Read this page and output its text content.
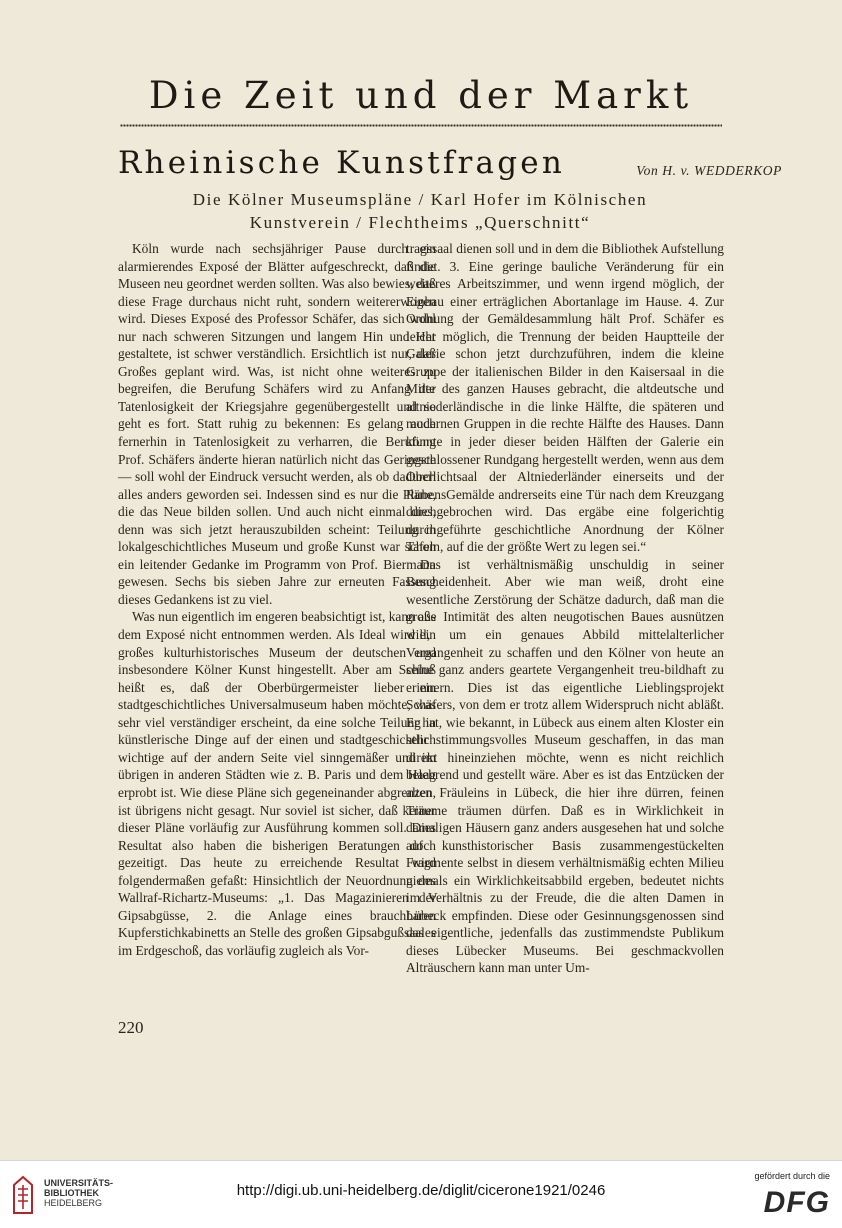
Die Zeit und der Markt
Rheinische Kunstfragen	Von H. v. WEDDERKOP
Die Kölner Museumspläne / Karl Hofer im Kölnischen
Kunstverein / Flechtheims „Querschnitt“

Köln wurde nach sechsjähriger Pause durch ein alarmierendes Exposé der Blätter aufgeschreckt, daß die Museen neu geordnet werden sollten. Was also bewies, daß diese Frage durchaus nicht ruht, sondern weitererwogen wird. Dieses Exposé des Professor Schäfer, das sich wohl nur nach schweren Sitzungen und langem Hin und Her gestaltete, ist schwer verständlich. Ersichtlich ist nur, daß Großes geplant wird. Was, ist nicht ohne weiteres zu begreifen, die Berufung Schäfers wird zu Anfang der Tatenlosigkeit der Kriegsjahre gegenübergestellt und so geht es fort. Statt ruhig zu bekennen: Es gelang auch fernerhin in Tatenlosigkeit zu verharren, die Berufung Prof. Schäfers änderte hieran natürlich nicht das Geringste — soll wohl der Eindruck versucht werden, als ob dadurch alles anders geworden sei. Indessen sind es nur die Pläne, die das Neue bilden sollen. Und auch nicht einmal dies, denn was sich jetzt herauszubilden scheint: Teilung in lokalgeschichtliches Museum und große Kunst war schon ein leitender Gedanke im Programm von Prof. Biermann gewesen. Sechs bis sieben Jahre zur erneuten Fassung dieses Gedankens ist zu viel.

Was nun eigentlich im engeren beabsichtigt ist, kann aus dem Exposé nicht entnommen werden. Als Ideal wird ein großes kulturhistorisches Museum der deutschen und insbesondere Kölner Kunst hingestellt. Aber am Schluß heißt es, daß der Oberbürgermeister lieber ein stadtgeschichtliches Universalmuseum haben möchte, was sehr viel verständiger erscheint, da eine solche Teilung in künstlerische Dinge auf der einen und stadtgeschichtlich wichtige auf der andern Seite viel sinngemäßer und im übrigen in anderen Städten wie z. B. Paris und dem Haag erprobt ist. Wie diese Pläne sich gegeneinander abgrenzen, ist übrigens nicht gesagt. Nur soviel ist sicher, daß keiner dieser Pläne vorläufig zur Ausführung kommen soll. Dies Resultat also haben die bisherigen Beratungen doch gezeitigt. Das heute zu erreichende Resultat wird folgendermaßen gefaßt: Hinsichtlich der Neuordnung des Wallraf-Richartz-Museums: „1. Das Magazinieren der Gipsabgüsse, 2. die Anlage eines brauchbaren Kupferstichkabinetts an Stelle des großen Gipsabgußsaales im Erdgeschoß, das vorläufig zugleich als Vor-

tragssaal dienen soll und in dem die Bibliothek Aufstellung findet. 3. Eine geringe bauliche Veränderung für ein weiteres Arbeitszimmer, und wenn irgend möglich, der Einbau einer erträglichen Abortanlage im Hause. 4. Zur Ordnung der Gemäldesammlung hält Prof. Schäfer es leicht möglich, die Trennung der beiden Hauptteile der Galerie schon jetzt durchzuführen, indem die kleine Gruppe der italienischen Bilder in den Kaisersaal in die Mitte des ganzen Hauses gebracht, die altdeutsche und altniederländische in die linke Hälfte, die späteren und modernen Gruppen in die rechte Hälfte des Hauses. Dann könnte in jeder dieser beiden Hälften der Galerie ein geschlossener Rundgang hergestellt werden, wenn aus dem Oberlichtsaal der Altniederländer einerseits und der RubensGemälde andrerseits eine Tür nach dem Kreuzgang durchgebrochen wird. Das ergäbe eine folgerichtig durchgeführte geschichtliche Anordnung der Kölner Tafeln, auf die der größte Wert zu legen sei.“

Das ist verhältnismäßig unschuldig in seiner Bescheidenheit. Aber wie man weiß, droht eine wesentliche Zerstörung der Schätze dadurch, daß man die große Intimität des alten neugotischen Baues ausnützen will, um ein genaues Abbild mittelalterlicher Vergangenheit zu schaffen und den Kölner von heute an seine ganz anders geartete Vergangenheit treu-bildhaft zu erinnern. Dies ist das eigentliche Lieblingsprojekt Schäfers, von dem er trotz allem Widerspruch nicht abläßt. Er hat, wie bekannt, in Lübeck aus einem alten Kloster ein sehr stimmungsvolles Museum geschaffen, in das man direkt hineinziehen möchte, wenn es nicht reichlich belehrend und gestellt wäre. Aber es ist das Entzücken der alten Fräuleins in Lübeck, die hier ihre dürren, feinen Träume träumen dürfen. Daß es in Wirklichkeit in damaligen Häusern ganz anders ausgesehen hat und solche auf kunsthistorischer Basis zusammengestückelten Fragmente selbst in diesem verhältnismäßig echten Milieu niemals ein Wirklichkeitsabbild ergeben, bedeutet nichts im Verhältnis zu der Freude, die die alten Damen in Lübeck empfinden. Diese oder Gesinnungsgenossen sind das eigentliche, jedenfalls das zustimmendste Publikum dieses Lübecker Museums. Bei geschmackvollen Alträuschern kann man unter Um-

220
UNIVERSITÄTS-
BIBLIOTHEK
HEIDELBERG
http://digi.ub.uni-heidelberg.de/diglit/cicerone1921/0246
gefördert durch die
DFG
